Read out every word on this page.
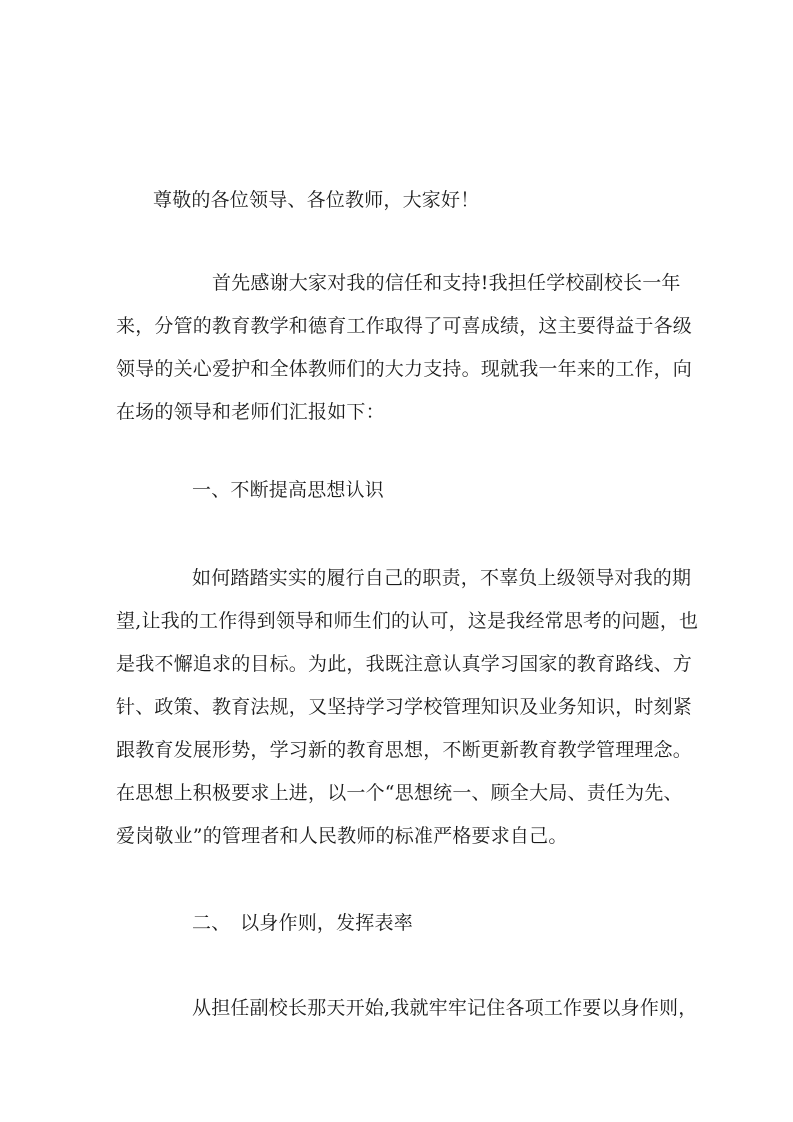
尊敬的各位领导、各位教师，大家好！
首先感谢大家对我的信任和支持!我担任学校副校长一年
来，分管的教育教学和德育工作取得了可喜成绩，这主要得益于各级
领导的关心爱护和全体教师们的大力支持。现就我一年来的工作，向
在场的领导和老师们汇报如下：
一、不断提高思想认识
如何踏踏实实的履行自己的职责，不辜负上级领导对我的期
望,让我的工作得到领导和师生们的认可，这是我经常思考的问题，也
是我不懈追求的目标。为此，我既注意认真学习国家的教育路线、方
针、政策、教育法规，又坚持学习学校管理知识及业务知识，时刻紧
跟教育发展形势，学习新的教育思想，不断更新教育教学管理理念。
在思想上积极要求上进，以一个“思想统一、顾全大局、责任为先、
爱岗敬业”的管理者和人民教师的标准严格要求自己。
二、　以身作则，发挥表率
从担任副校长那天开始,我就牢牢记住各项工作要以身作则，
